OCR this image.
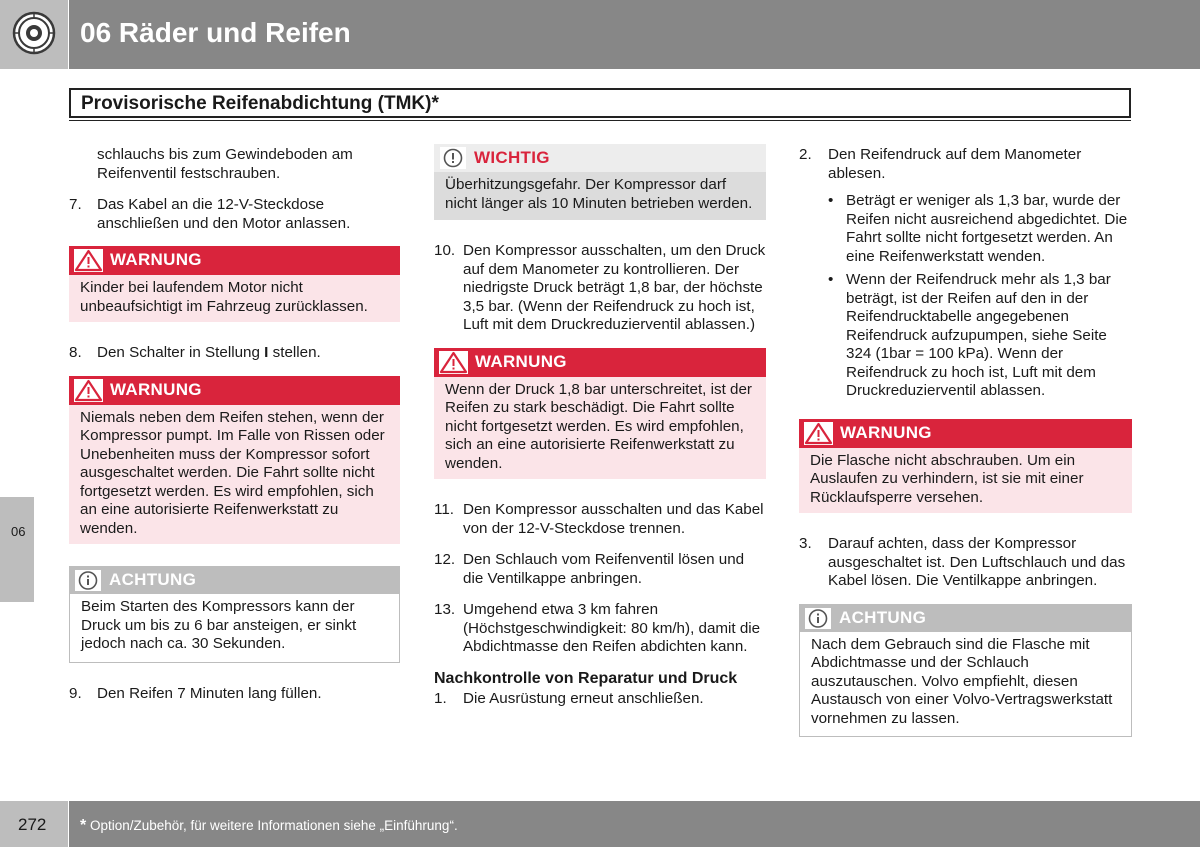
06 Räder und Reifen
Provisorische Reifenabdichtung (TMK)*
06

schlauchs bis zum Gewindeboden am Reifenventil festschrauben.

7.	Das Kabel an die 12-V-Steckdose anschließen und den Motor anlassen.
WARNUNG
Kinder bei laufendem Motor nicht unbeaufsichtigt im Fahrzeug zurücklassen.
8.	Den Schalter in Stellung I stellen.
WARNUNG
Niemals neben dem Reifen stehen, wenn der Kompressor pumpt. Im Falle von Rissen oder Unebenheiten muss der Kompressor sofort ausgeschaltet werden. Die Fahrt sollte nicht fortgesetzt werden. Es wird empfohlen, sich an eine autorisierte Reifenwerkstatt zu wenden.
ACHTUNG
Beim Starten des Kompressors kann der Druck um bis zu 6 bar ansteigen, er sinkt jedoch nach ca. 30 Sekunden.
9.	Den Reifen 7 Minuten lang füllen.
WICHTIG
Überhitzungsgefahr. Der Kompressor darf nicht länger als 10 Minuten betrieben werden.
10. Den Kompressor ausschalten, um den Druck auf dem Manometer zu kontrollieren. Der niedrigste Druck beträgt 1,8 bar, der höchste 3,5 bar. (Wenn der Reifendruck zu hoch ist, Luft mit dem Druckreduzierventil ablassen.)
WARNUNG
Wenn der Druck 1,8 bar unterschreitet, ist der Reifen zu stark beschädigt. Die Fahrt sollte nicht fortgesetzt werden. Es wird empfohlen, sich an eine autorisierte Reifenwerkstatt zu wenden.
11. Den Kompressor ausschalten und das Kabel von der 12-V-Steckdose trennen.
12. Den Schlauch vom Reifenventil lösen und die Ventilkappe anbringen.
13. Umgehend etwa 3 km fahren (Höchstgeschwindigkeit: 80 km/h), damit die Abdichtmasse den Reifen abdichten kann.
Nachkontrolle von Reparatur und Druck
1.	Die Ausrüstung erneut anschließen.
2.	Den Reifendruck auf dem Manometer ablesen.
• Beträgt er weniger als 1,3 bar, wurde der Reifen nicht ausreichend abgedichtet. Die Fahrt sollte nicht fortgesetzt werden. An eine Reifenwerkstatt wenden.
• Wenn der Reifendruck mehr als 1,3 bar beträgt, ist der Reifen auf den in der Reifendrucktabelle angegebenen Reifendruck aufzupumpen, siehe Seite 324 (1bar = 100 kPa). Wenn der Reifendruck zu hoch ist, Luft mit dem Druckreduzierventil ablassen.
WARNUNG
Die Flasche nicht abschrauben. Um ein Auslaufen zu verhindern, ist sie mit einer Rücklaufsperre versehen.
3.	Darauf achten, dass der Kompressor ausgeschaltet ist. Den Luftschlauch und das Kabel lösen. Die Ventilkappe anbringen.
ACHTUNG
Nach dem Gebrauch sind die Flasche mit Abdichtmasse und der Schlauch auszutauschen. Volvo empfiehlt, diesen Austausch von einer Volvo-Vertragswerkstatt vornehmen zu lassen.
272 * Option/Zubehör, für weitere Informationen siehe „Einführung“.
